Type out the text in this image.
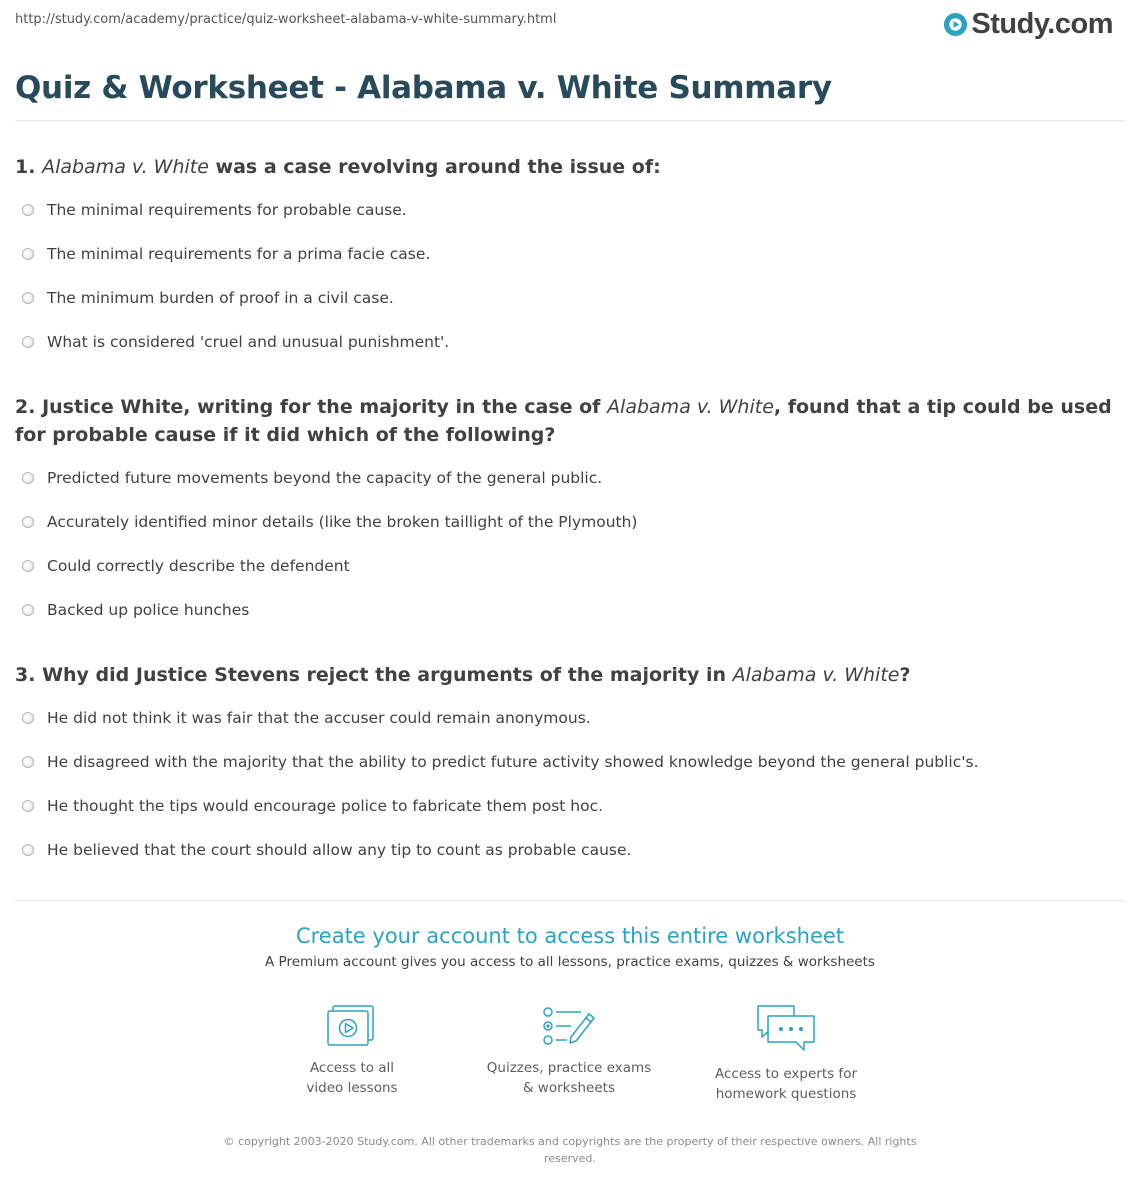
http://study.com/academy/practice/quiz-worksheet-alabama-v-white-summary.html	Study.com
Quiz & Worksheet - Alabama v. White Summary
1. Alabama v. White was a case revolving around the issue of:
The minimal requirements for probable cause.
The minimal requirements for a prima facie case.
The minimum burden of proof in a civil case.
What is considered 'cruel and unusual punishment'.
2. Justice White, writing for the majority in the case of Alabama v. White, found that a tip could be used for probable cause if it did which of the following?
Predicted future movements beyond the capacity of the general public.
Accurately identified minor details (like the broken taillight of the Plymouth)
Could correctly describe the defendent
Backed up police hunches
3. Why did Justice Stevens reject the arguments of the majority in Alabama v. White?
He did not think it was fair that the accuser could remain anonymous.
He disagreed with the majority that the ability to predict future activity showed knowledge beyond the general public's.
He thought the tips would encourage police to fabricate them post hoc.
He believed that the court should allow any tip to count as probable cause.
Create your account to access this entire worksheet
A Premium account gives you access to all lessons, practice exams, quizzes & worksheets
Access to all
video lessons
Quizzes, practice exams
& worksheets
Access to experts for
homework questions
© copyright 2003-2020 Study.com. All other trademarks and copyrights are the property of their respective owners. All rights
reserved.
